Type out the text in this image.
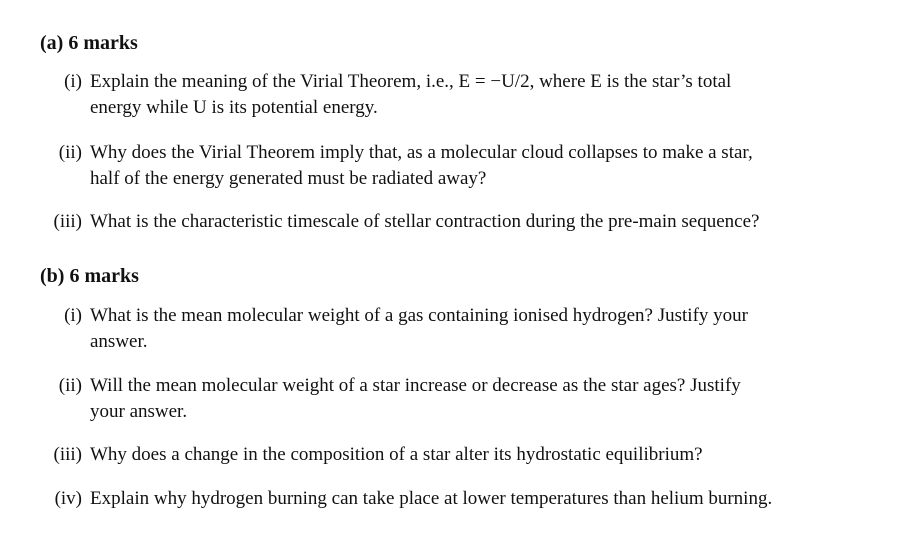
(a) 6 marks
(i) Explain the meaning of the Virial Theorem, i.e., E = −U/2, where E is the star’s total
energy while U is its potential energy.
(ii) Why does the Virial Theorem imply that, as a molecular cloud collapses to make a star,
half of the energy generated must be radiated away?
(iii) What is the characteristic timescale of stellar contraction during the pre-main sequence?
(b) 6 marks
(i) What is the mean molecular weight of a gas containing ionised hydrogen? Justify your
answer.
(ii) Will the mean molecular weight of a star increase or decrease as the star ages? Justify
your answer.
(iii) Why does a change in the composition of a star alter its hydrostatic equilibrium?
(iv) Explain why hydrogen burning can take place at lower temperatures than helium burning.
